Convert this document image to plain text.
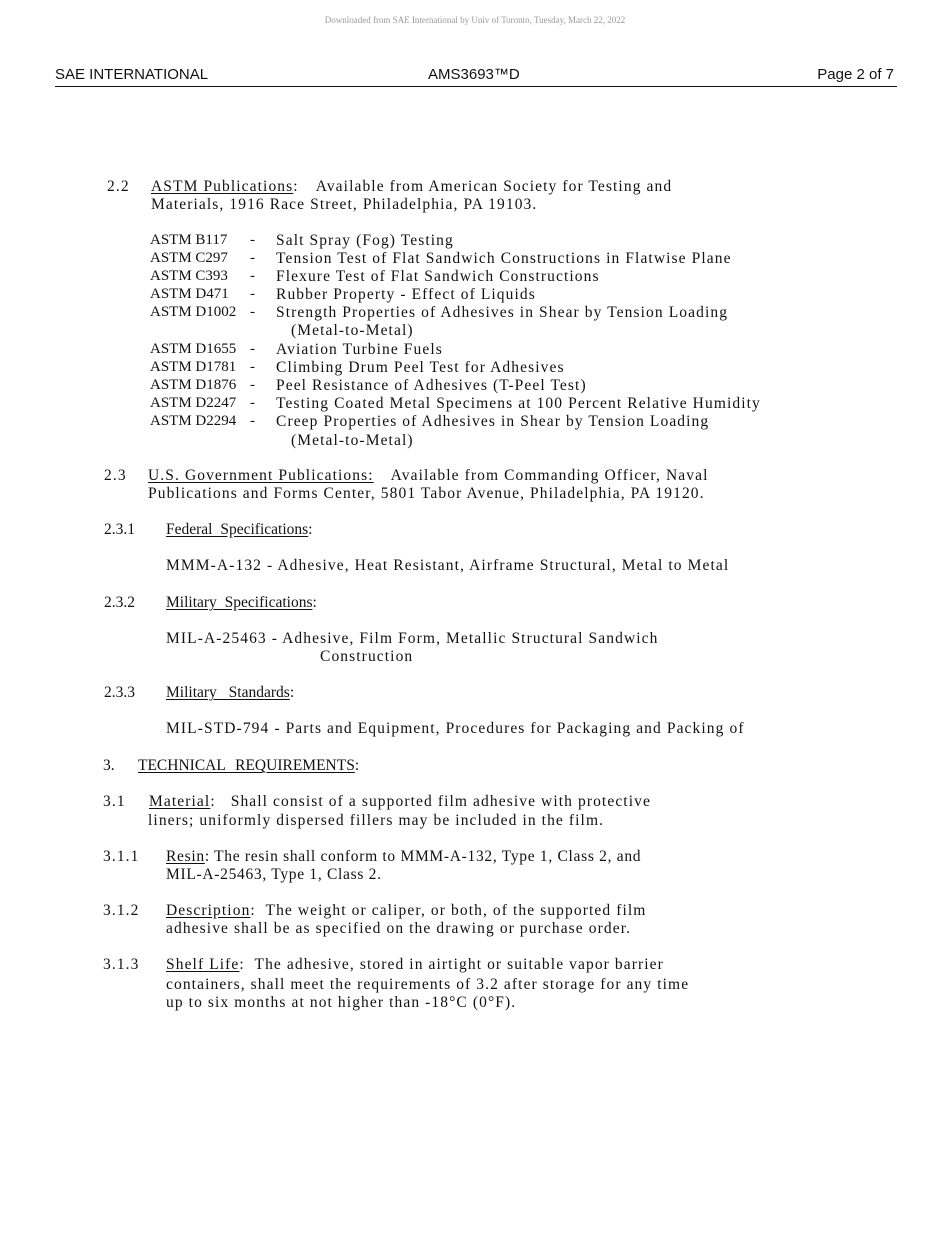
Downloaded from SAE International by Univ of Toronto, Tuesday, March 22, 2022
SAE INTERNATIONAL	AMS3693™D	Page 2 of 7
2.2 ASTM Publications: Available from American Society for Testing and
Materials, 1916 Race Street, Philadelphia, PA 19103.
ASTM B117 - Salt Spray (Fog) Testing
ASTM C297 - Tension Test of Flat Sandwich Constructions in Flatwise Plane
ASTM C393 - Flexure Test of Flat Sandwich Constructions
ASTM D471 - Rubber Property - Effect of Liquids
ASTM D1002 - Strength Properties of Adhesives in Shear by Tension Loading
(Metal-to-Metal)
ASTM D1655 - Aviation Turbine Fuels
ASTM D1781 - Climbing Drum Peel Test for Adhesives
ASTM D1876 - Peel Resistance of Adhesives (T-Peel Test)
ASTM D2247 - Testing Coated Metal Specimens at 100 Percent Relative Humidity
ASTM D2294 - Creep Properties of Adhesives in Shear by Tension Loading
(Metal-to-Metal)
2.3 U.S. Government Publications: Available from Commanding Officer, Naval
Publications and Forms Center, 5801 Tabor Avenue, Philadelphia, PA 19120.
2.3.1 Federal Specifications:
MMM-A-132 - Adhesive, Heat Resistant, Airframe Structural, Metal to Metal
2.3.2 Military Specifications:
MIL-A-25463 - Adhesive, Film Form, Metallic Structural Sandwich
Construction
2.3.3 Military Standards:
MIL-STD-794 - Parts and Equipment, Procedures for Packaging and Packing of
3. TECHNICAL REQUIREMENTS:
3.1 Material: Shall consist of a supported film adhesive with protective
liners; uniformly dispersed fillers may be included in the film.
3.1.1 Resin: The resin shall conform to MMM-A-132, Type 1, Class 2, and
MIL-A-25463, Type 1, Class 2.
3.1.2 Description:  The weight or caliper, or both, of the supported film
adhesive shall be as specified on the drawing or purchase order.
3.1.3 Shelf Life:  The adhesive, stored in airtight or suitable vapor barrier
containers, shall meet the requirements of 3.2 after storage for any time
up to six months at not higher than -18°C (0°F).
